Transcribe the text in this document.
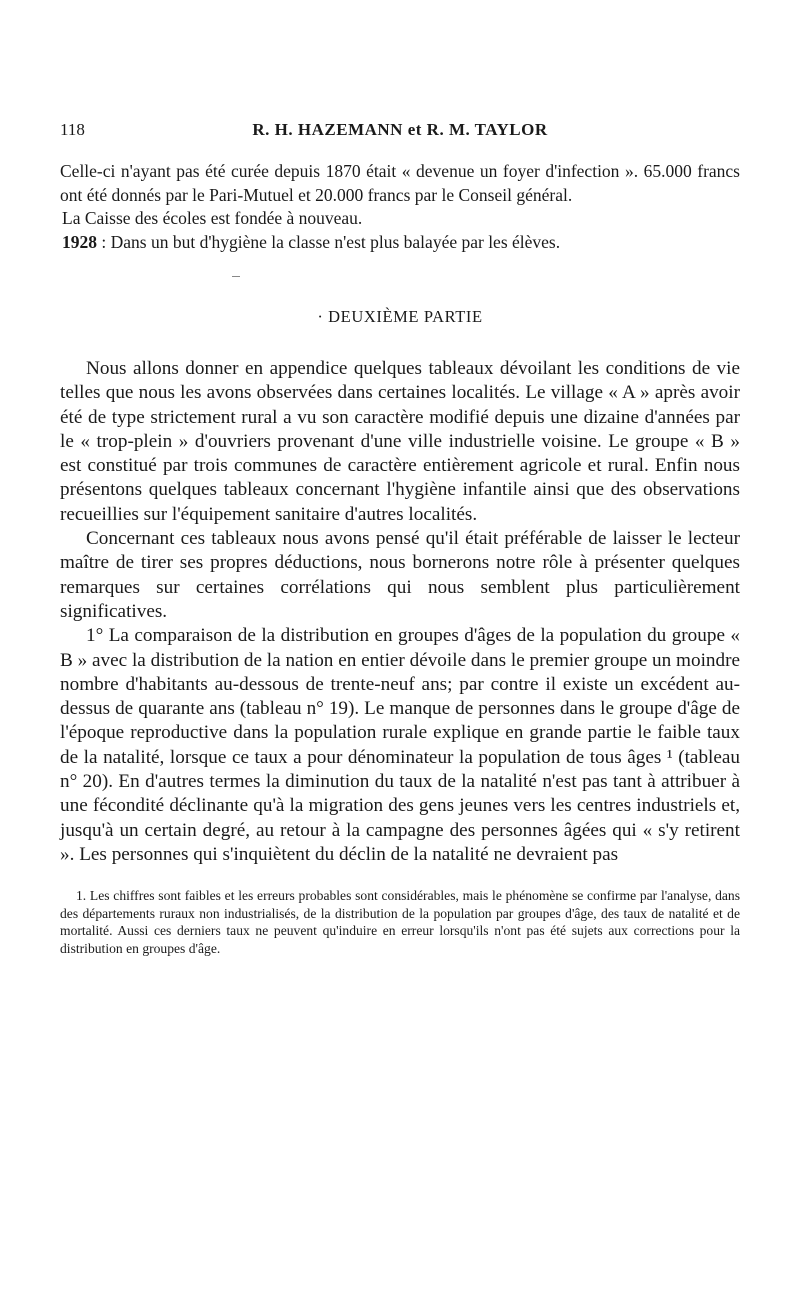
118	R. H. HAZEMANN et R. M. TAYLOR

Celle-ci n'ayant pas été curée depuis 1870 était « devenue un foyer d'infection ». 65.000 francs ont été donnés par le Pari-Mutuel et 20.000 francs par le Conseil général.

La Caisse des écoles est fondée à nouveau.

1928 : Dans un but d'hygiène la classe n'est plus balayée par les élèves.

· DEUXIÈME PARTIE

Nous allons donner en appendice quelques tableaux dévoilant les conditions de vie telles que nous les avons observées dans certaines localités. Le village « A » après avoir été de type strictement rural a vu son caractère modifié depuis une dizaine d'années par le « trop-plein » d'ouvriers provenant d'une ville industrielle voisine. Le groupe « B » est constitué par trois communes de caractère entièrement agricole et rural. Enfin nous présentons quelques tableaux concernant l'hygiène infantile ainsi que des observations recueillies sur l'équipement sanitaire d'autres localités.

Concernant ces tableaux nous avons pensé qu'il était préférable de laisser le lecteur maître de tirer ses propres déductions, nous bornerons notre rôle à présenter quelques remarques sur certaines corrélations qui nous semblent plus particulièrement significatives.

1° La comparaison de la distribution en groupes d'âges de la population du groupe « B » avec la distribution de la nation en entier dévoile dans le premier groupe un moindre nombre d'habitants au-dessous de trente-neuf ans; par contre il existe un excédent au-dessus de quarante ans (tableau n° 19). Le manque de personnes dans le groupe d'âge de l'époque reproductive dans la population rurale explique en grande partie le faible taux de la natalité, lorsque ce taux a pour dénominateur la population de tous âges ¹ (tableau n° 20). En d'autres termes la diminution du taux de la natalité n'est pas tant à attribuer à une fécondité déclinante qu'à la migration des gens jeunes vers les centres industriels et, jusqu'à un certain degré, au retour à la campagne des personnes âgées qui « s'y retirent ». Les personnes qui s'inquiètent du déclin de la natalité ne devraient pas

1. Les chiffres sont faibles et les erreurs probables sont considérables, mais le phénomène se confirme par l'analyse, dans des départements ruraux non industrialisés, de la distribution de la population par groupes d'âge, des taux de natalité et de mortalité. Aussi ces derniers taux ne peuvent qu'induire en erreur lorsqu'ils n'ont pas été sujets aux corrections pour la distribution en groupes d'âge.
